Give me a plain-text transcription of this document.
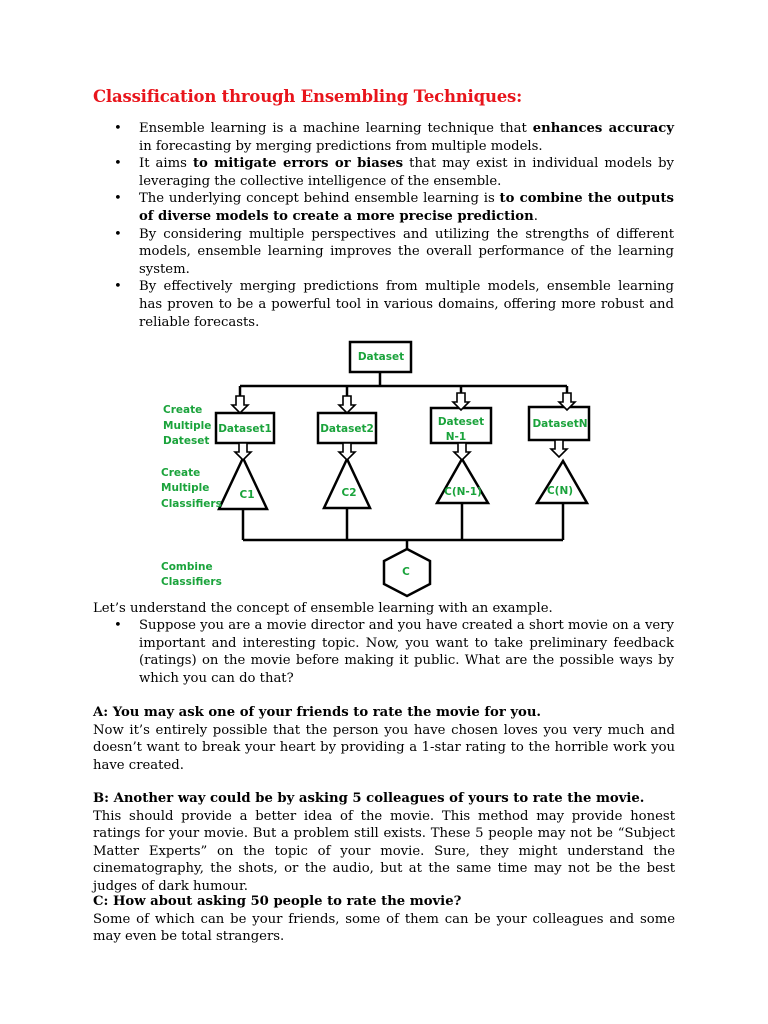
Classification through Ensembling Techniques:
• Ensemble learning is a machine learning technique that enhances accuracy in forecasting by merging predictions from multiple models.
• It aims to mitigate errors or biases that may exist in individual models by leveraging the collective intelligence of the ensemble.
• The underlying concept behind ensemble learning is to combine the outputs of diverse models to create a more precise prediction.
• By considering multiple perspectives and utilizing the strengths of different models, ensemble learning improves the overall performance of the learning system.
• By effectively merging predictions from multiple models, ensemble learning has proven to be a powerful tool in various domains, offering more robust and reliable forecasts.
Dataset
Dataset1	Dataset2
Dateset
N-1
DatasetN
C1	C2	C(N-1)	C(N)
C
Create
Multiple
Dateset
Create
Multiple
Classifiers
Combine
Classifiers
Let’s understand the concept of ensemble learning with an example.
• Suppose you are a movie director and you have created a short movie on a very important and interesting topic. Now, you want to take preliminary feedback (ratings) on the movie before making it public. What are the possible ways by which you can do that?
A: You may ask one of your friends to rate the movie for you.
Now it’s entirely possible that the person you have chosen loves you very much and doesn’t want to break your heart by providing a 1-star rating to the horrible work you have created.
B: Another way could be by asking 5 colleagues of yours to rate the movie.
This should provide a better idea of the movie. This method may provide honest ratings for your movie. But a problem still exists. These 5 people may not be “Subject Matter Experts” on the topic of your movie. Sure, they might understand the cinematography, the shots, or the audio, but at the same time may not be the best judges of dark humour.
C: How about asking 50 people to rate the movie?
Some of which can be your friends, some of them can be your colleagues and some may even be total strangers.
